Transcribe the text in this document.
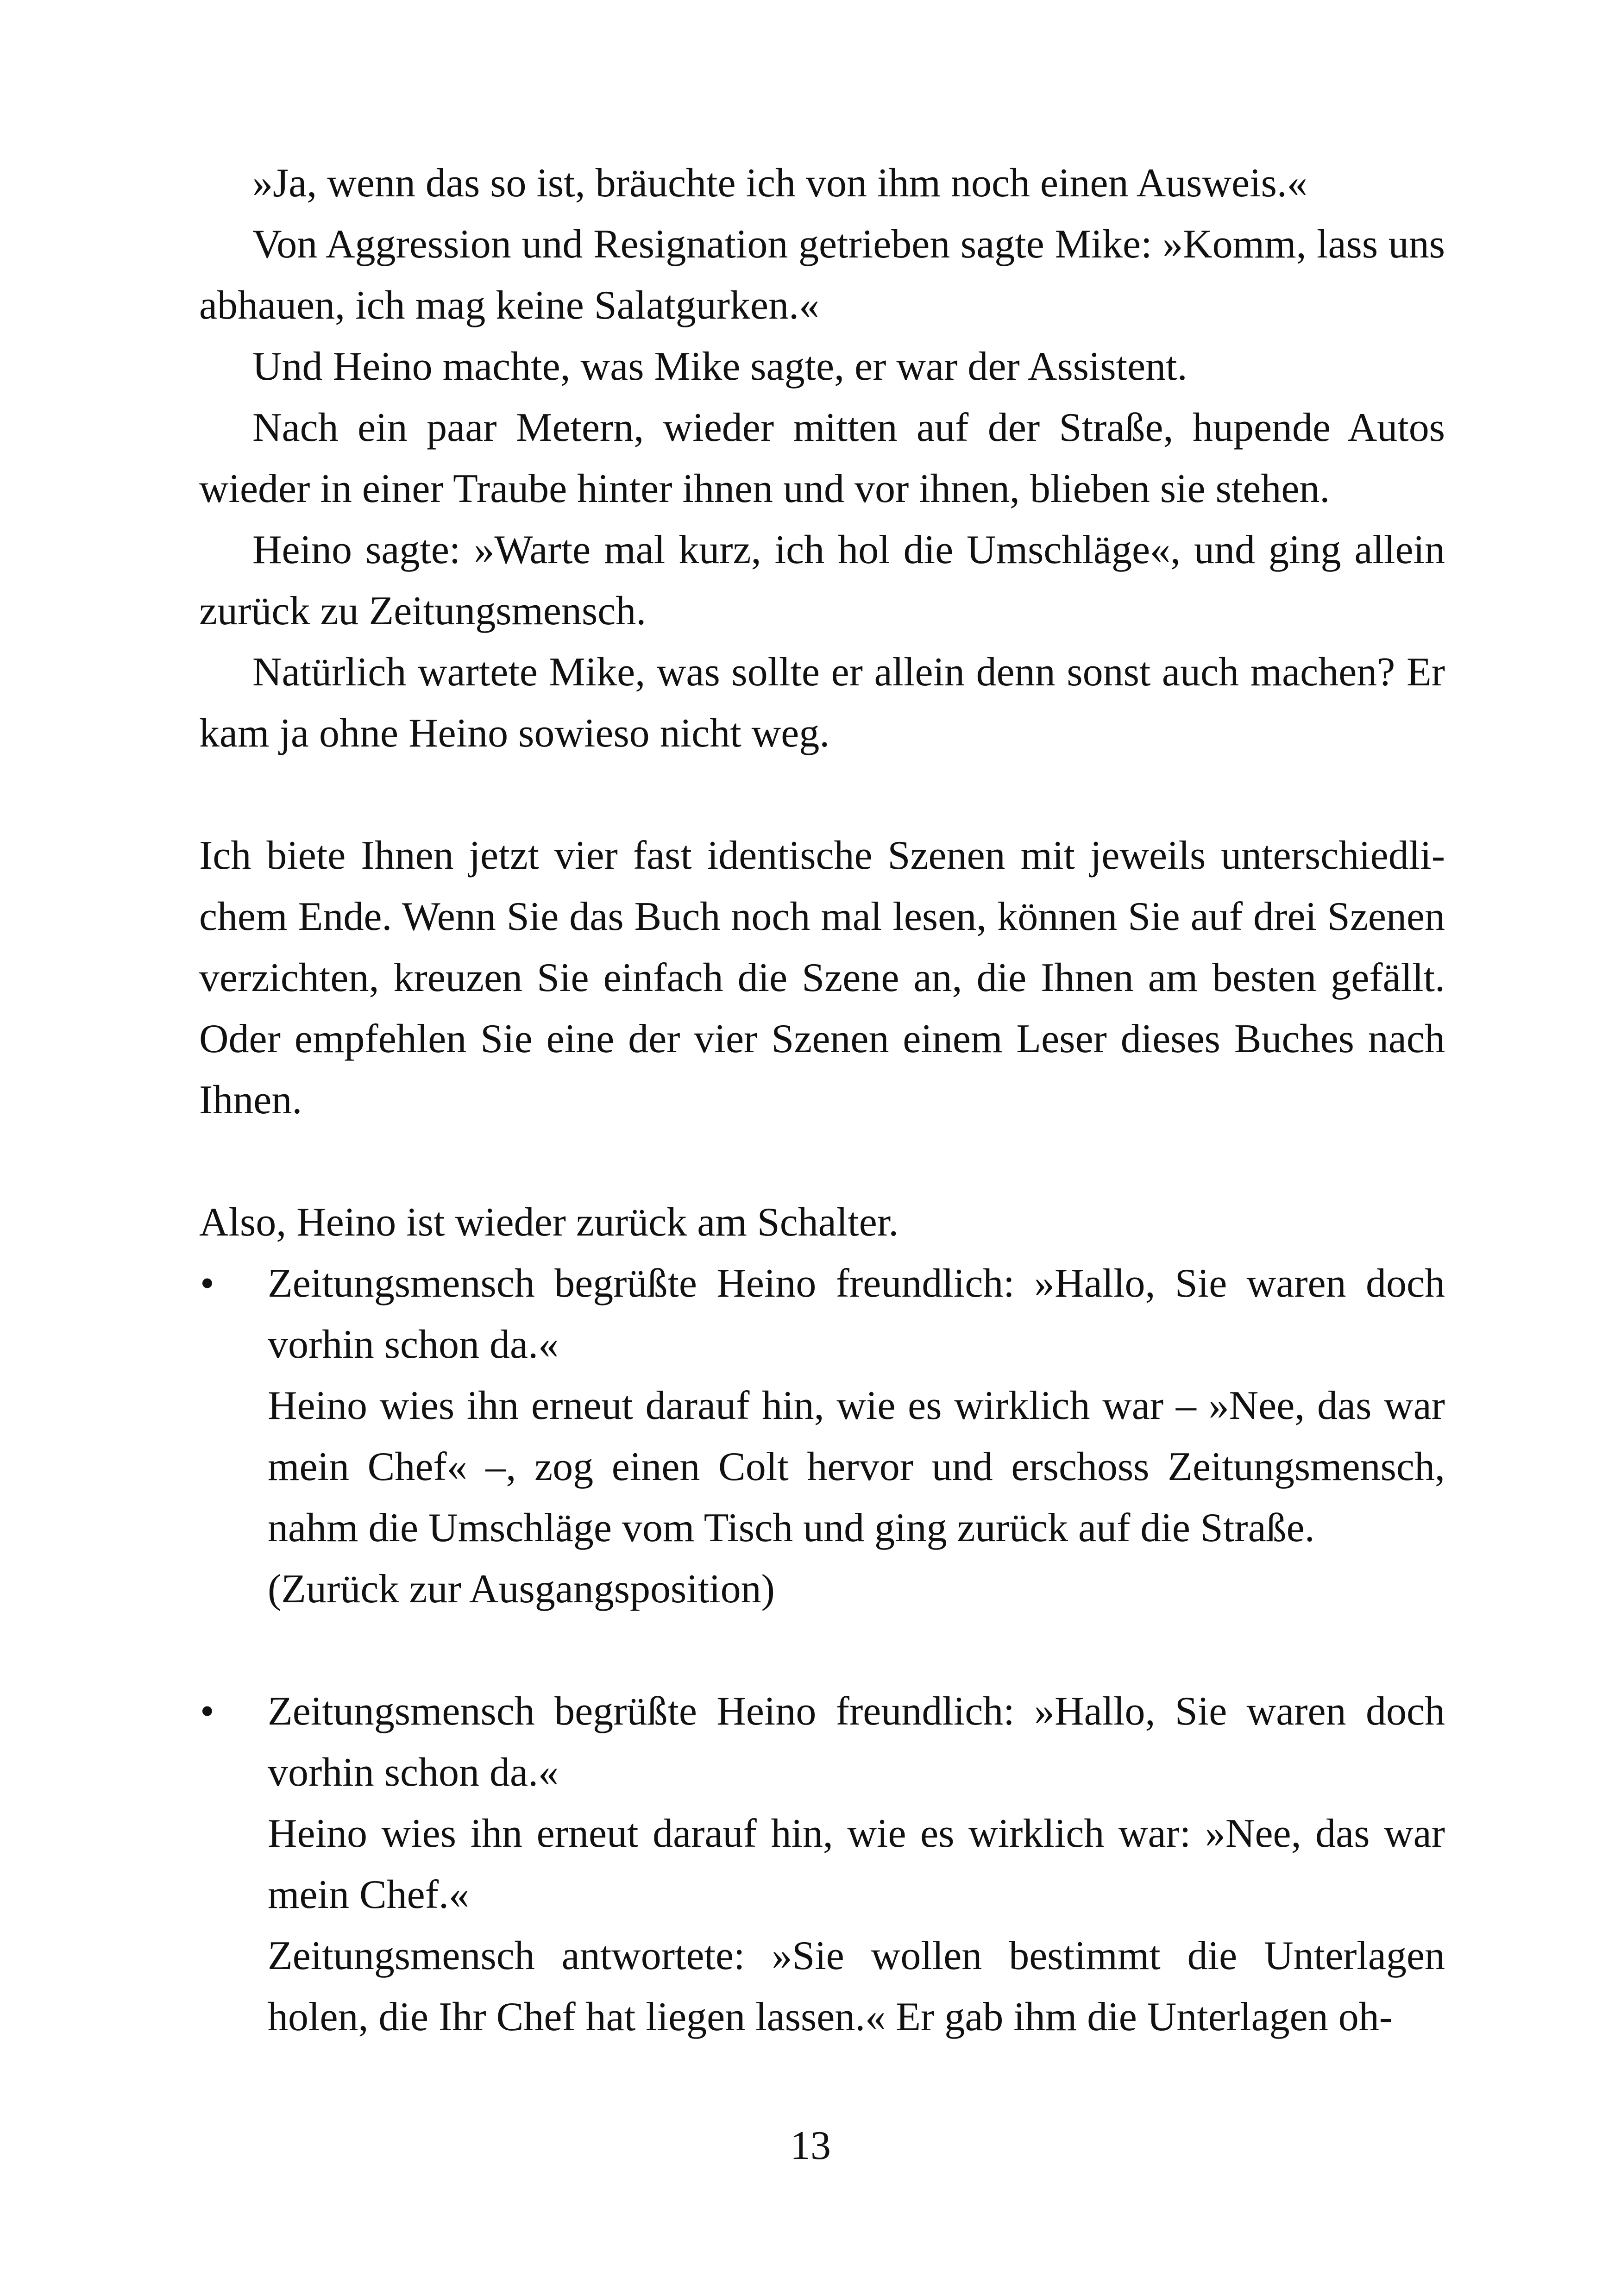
»Ja, wenn das so ist, bräuchte ich von ihm noch einen Ausweis.«

Von Aggression und Resignation getrieben sagte Mike: »Komm, lass uns abhauen, ich mag keine Salatgurken.«

Und Heino machte, was Mike sagte, er war der Assistent.

Nach ein paar Metern, wieder mitten auf der Straße, hupende Autos wieder in einer Traube hinter ihnen und vor ihnen, blieben sie stehen.

Heino sagte: »Warte mal kurz, ich hol die Umschläge«, und ging allein zurück zu Zeitungsmensch.

Natürlich wartete Mike, was sollte er allein denn sonst auch machen? Er kam ja ohne Heino sowieso nicht weg.

Ich biete Ihnen jetzt vier fast identische Szenen mit jeweils unterschiedlichem Ende. Wenn Sie das Buch noch mal lesen, können Sie auf drei Szenen verzichten, kreuzen Sie einfach die Szene an, die Ihnen am besten gefällt. Oder empfehlen Sie eine der vier Szenen einem Leser dieses Buches nach Ihnen.

Also, Heino ist wieder zurück am Schalter.

•	Zeitungsmensch begrüßte Heino freundlich: »Hallo, Sie waren doch vorhin schon da.«

Heino wies ihn erneut darauf hin, wie es wirklich war – »Nee, das war mein Chef« –, zog einen Colt hervor und erschoss Zeitungsmensch, nahm die Umschläge vom Tisch und ging zurück auf die Straße.

(Zurück zur Ausgangsposition)

•	Zeitungsmensch begrüßte Heino freundlich: »Hallo, Sie waren doch vorhin schon da.«

Heino wies ihn erneut darauf hin, wie es wirklich war: »Nee, das war mein Chef.«

Zeitungsmensch antwortete: »Sie wollen bestimmt die Unterlagen holen, die Ihr Chef hat liegen lassen.« Er gab ihm die Unterlagen oh-

13
